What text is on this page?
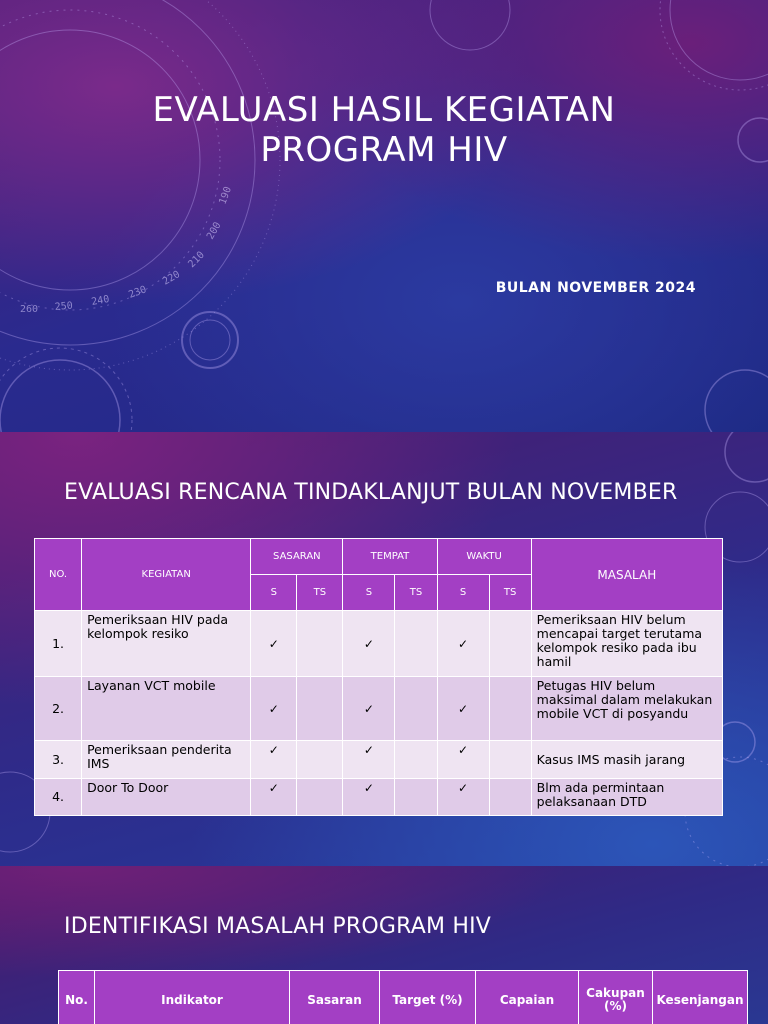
190
200
210
220
230
240
250
260
EVALUASI HASIL KEGIATAN
PROGRAM HIV
BULAN NOVEMBER 2024
EVALUASI RENCANA TINDAKLANJUT BULAN NOVEMBER
NO.	KEGIATAN	SASARAN		TEMPAT		WAKTU		MASALAH
		S	TS	S	TS	S	TS	
1.	Pemeriksaan HIV pada kelompok resiko	✓		✓		✓		Pemeriksaan HIV belum mencapai target terutama kelompok resiko pada ibu hamil
2.	Layanan VCT mobile	✓		✓		✓		Petugas HIV belum maksimal dalam melakukan mobile VCT di posyandu
3.	Pemeriksaan penderita IMS	✓		✓		✓		Kasus IMS masih jarang
4.	Door To Door	✓		✓		✓		Blm ada permintaan pelaksanaan DTD
IDENTIFIKASI MASALAH PROGRAM HIV
No.	Indikator	Sasaran	Target (%)	Capaian	Cakupan (%)	Kesenjangan
